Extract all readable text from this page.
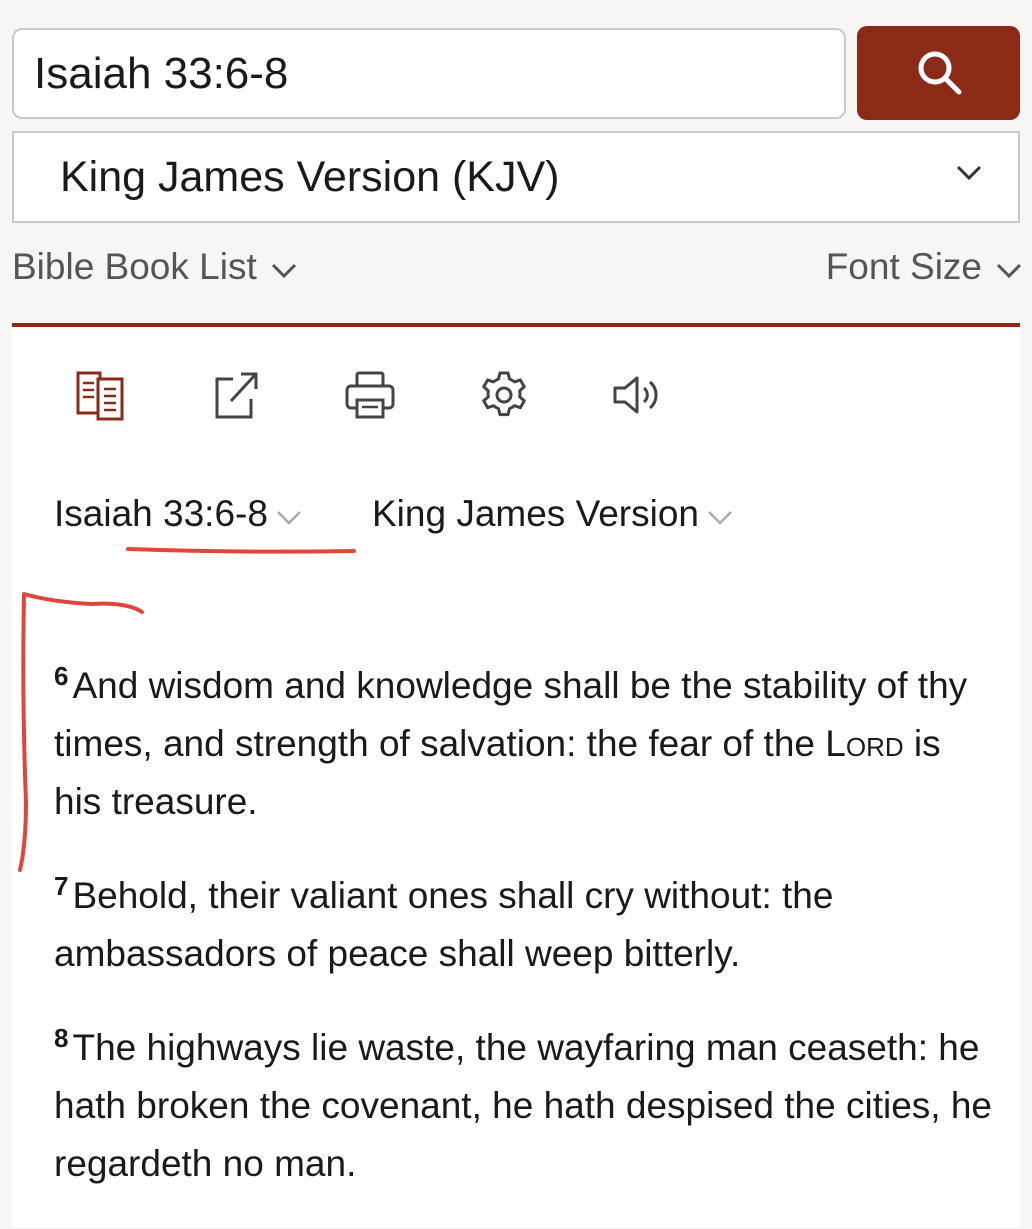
Isaiah 33:6-8
King James Version (KJV)
Bible Book List	Font Size
Isaiah 33:6-8	King James Version

$^6$ And wisdom and knowledge shall be the stability of thy times, and strength of salvation: the fear of the Lord is his treasure.

$^7$ Behold, their valiant ones shall cry without: the ambassadors of peace shall weep bitterly.

$^8$ The highways lie waste, the wayfaring man ceaseth: he hath broken the covenant, he hath despised the cities, he regardeth no man.
